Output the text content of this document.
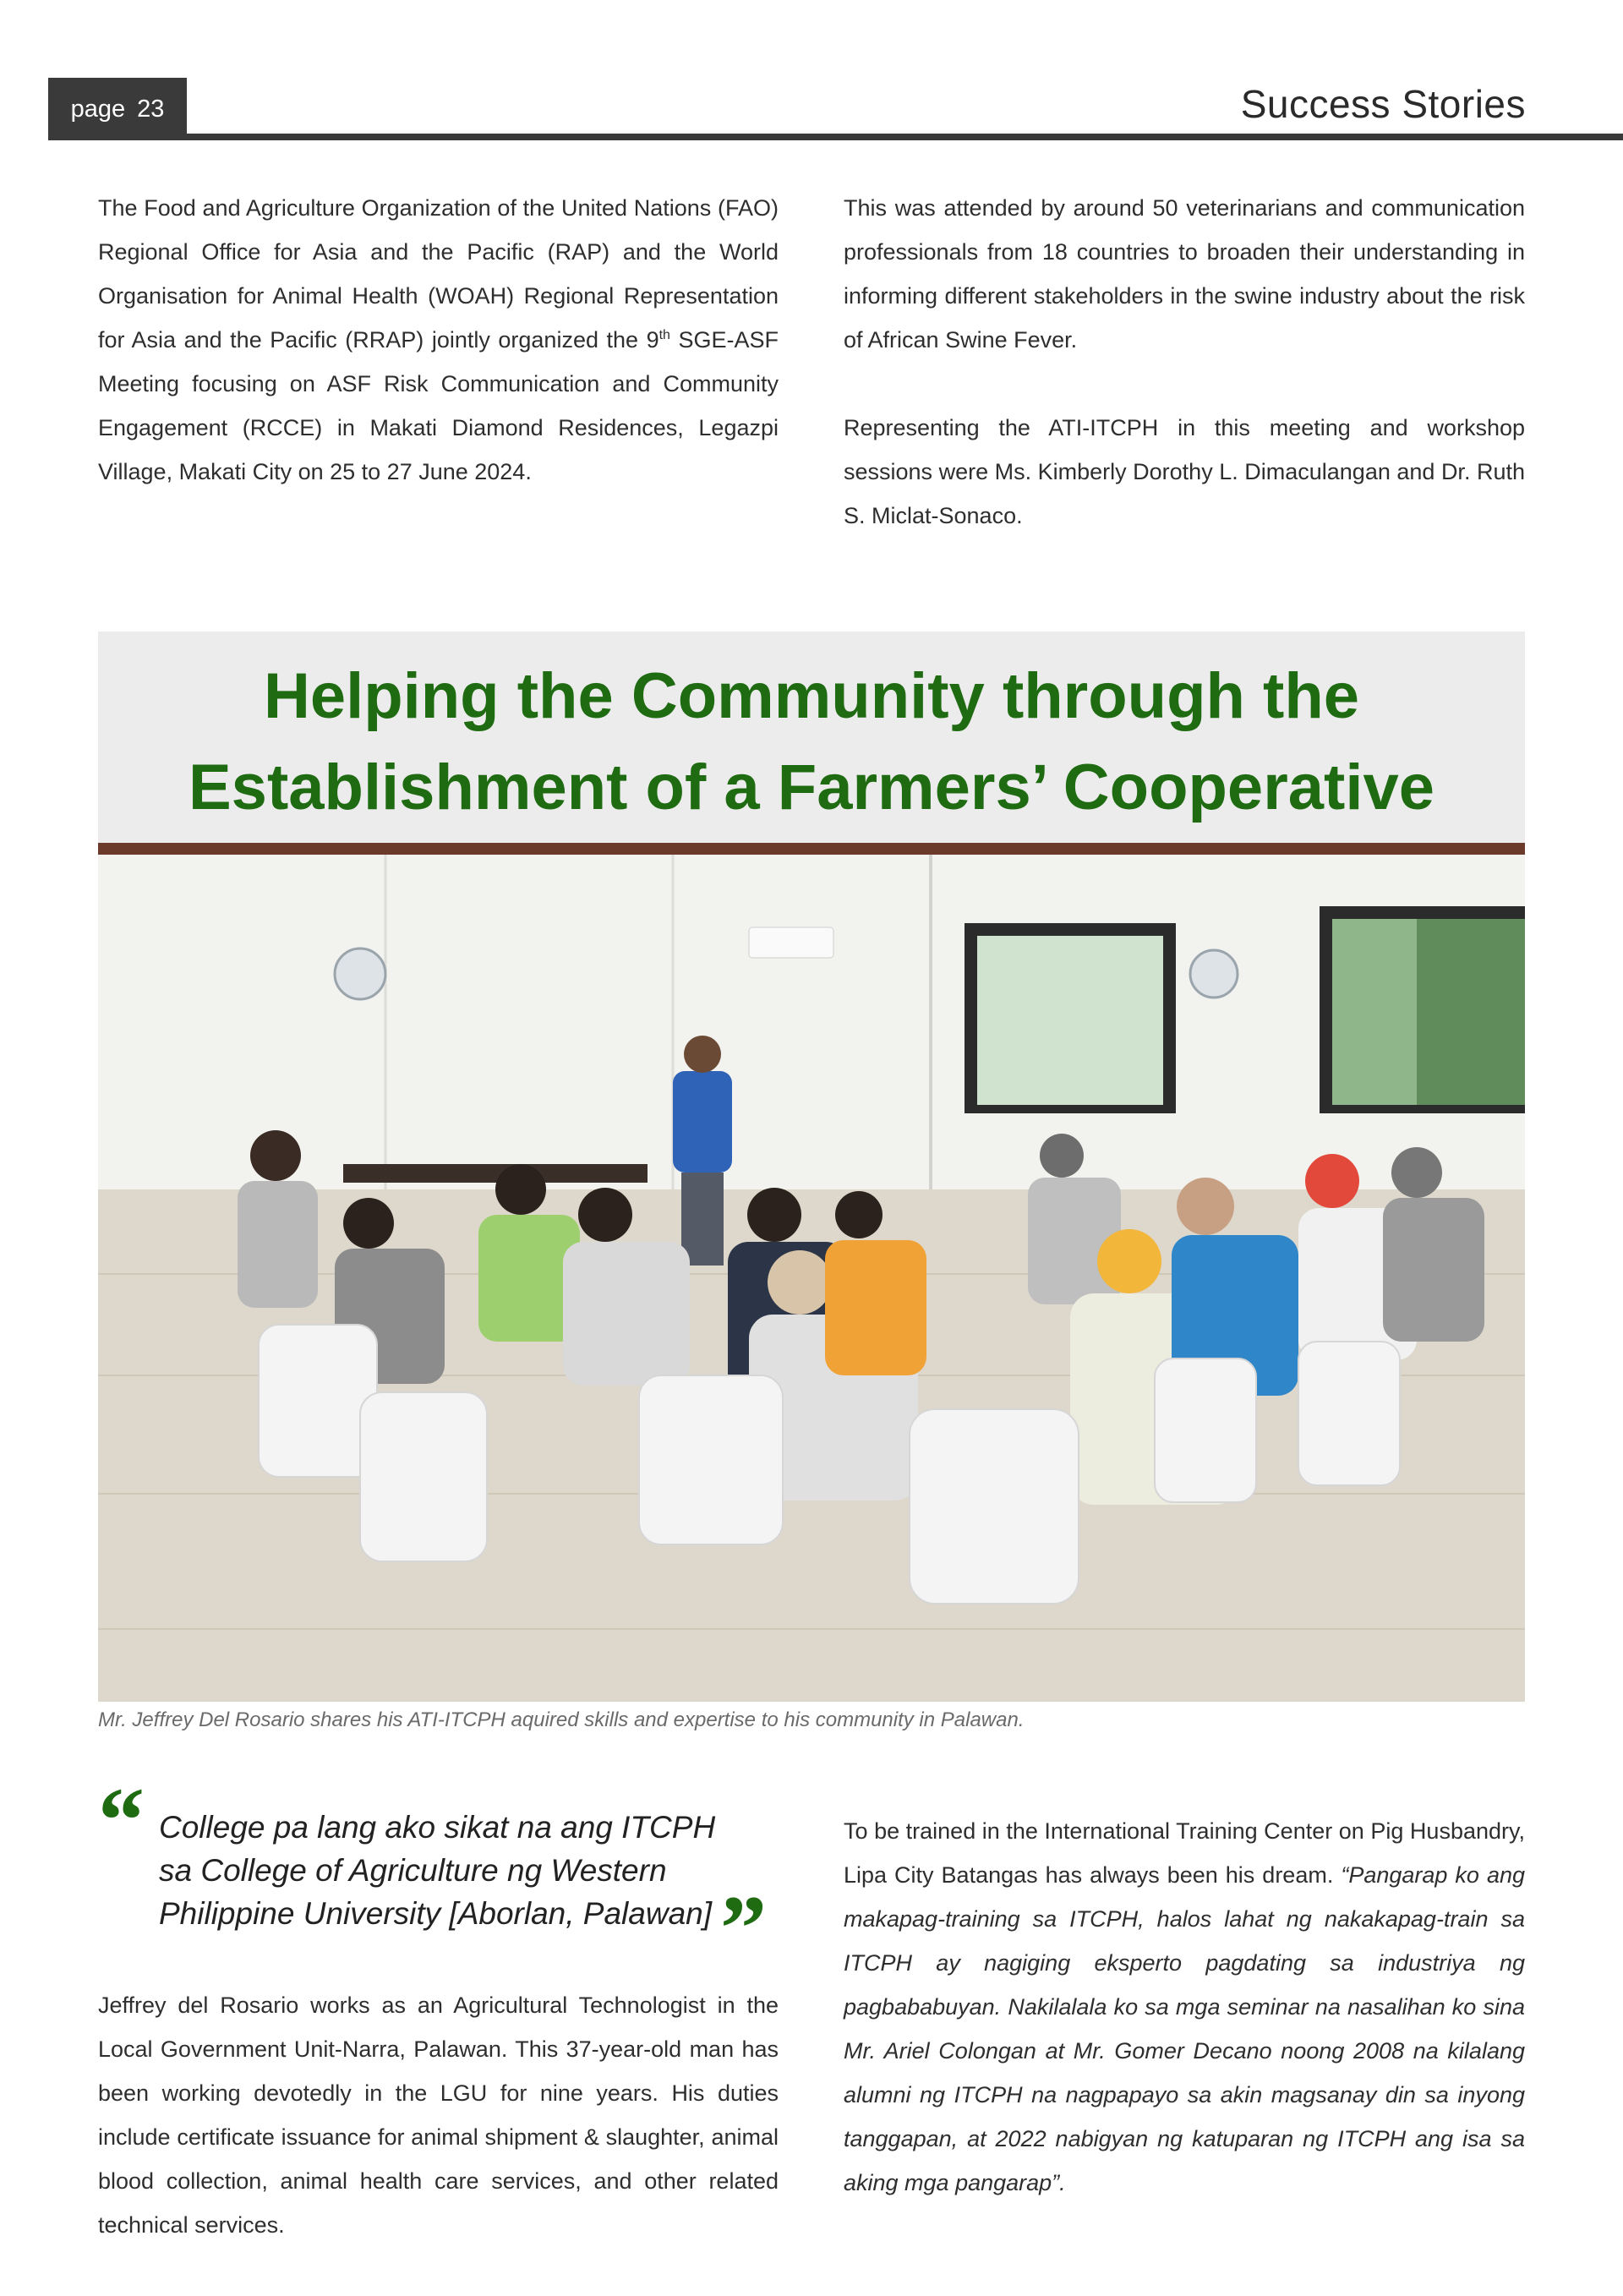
page 23	Success Stories

The Food and Agriculture Organization of the United Nations (FAO) Regional Office for Asia and the Pacific (RAP) and the World Organisation for Animal Health (WOAH) Regional Representation for Asia and the Pacific (RRAP) jointly organized the 9th SGE-ASF Meeting focusing on ASF Risk Communication and Community Engagement (RCCE) in Makati Diamond Residences, Legazpi Village, Makati City on 25 to 27 June 2024.

This was attended by around 50 veterinarians and communication professionals from 18 countries to broaden their understanding in informing different stakeholders in the swine industry about the risk of African Swine Fever.

Representing the ATI-ITCPH in this meeting and workshop sessions were Ms. Kimberly Dorothy L. Dimaculangan and Dr. Ruth S. Miclat-Sonaco.

Helping the Community through the
Establishment of a Farmers’ Cooperative
Mr. Jeffrey Del Rosario shares his ATI-ITCPH aquired skills and expertise to his community in Palawan.
“ College pa lang ako sikat na ang ITCPH sa College of Agriculture ng Western Philippine University [Aborlan, Palawan] ”

Jeffrey del Rosario works as an Agricultural Technologist in the Local Government Unit-Narra, Palawan. This 37-year-old man has been working devotedly in the LGU for nine years. His duties include certificate issuance for animal shipment & slaughter, animal blood collection, animal health care services, and other related technical services.

To be trained in the International Training Center on Pig Husbandry, Lipa City Batangas has always been his dream. “Pangarap ko ang makapag-training sa ITCPH, halos lahat ng nakakapag-train sa ITCPH ay nagiging eksperto pagdating sa industriya ng pagbababuyan. Nakilalala ko sa mga seminar na nasalihan ko sina Mr. Ariel Colongan at Mr. Gomer Decano noong 2008 na kilalang alumni ng ITCPH na nagpapayo sa akin magsanay din sa inyong tanggapan, at 2022 nabigyan ng katuparan ng ITCPH ang isa sa aking mga pangarap”.
